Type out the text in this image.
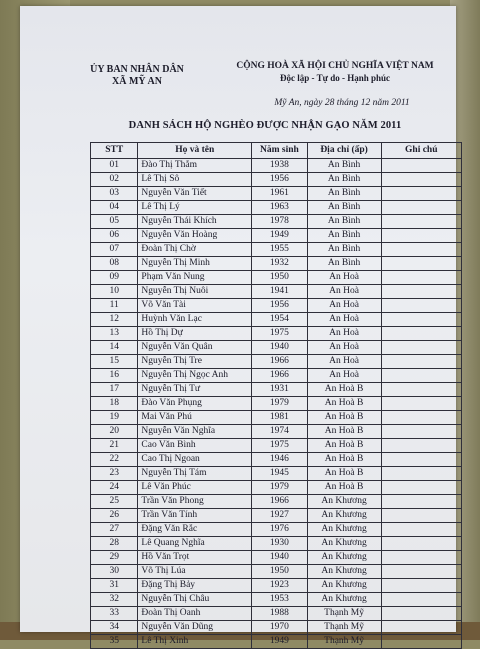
ỦY BAN NHÂN DÂN
XÃ MỸ AN
CỘNG HOÀ XÃ HỘI CHỦ NGHĨA VIỆT NAM
Độc lập - Tự do - Hạnh phúc
Mỹ An, ngày 28 tháng 12 năm 2011
DANH SÁCH HỘ NGHÈO ĐƯỢC NHẬN GẠO NĂM 2011
STT	Họ và tên	Năm sinh	Địa chỉ (ấp)	Ghi chú
01	Đào Thị Thắm	1938	An Bình	
02	Lê Thị Sô	1956	An Bình	
03	Nguyễn Văn Tiết	1961	An Bình	
04	Lê Thị Lý	1963	An Bình	
05	Nguyễn Thái Khích	1978	An Bình	
06	Nguyễn Văn Hoàng	1949	An Bình	
07	Đoàn Thị Chờ	1955	An Bình	
08	Nguyễn Thị Minh	1932	An Bình	
09	Phạm Văn Nung	1950	An Hoà	
10	Nguyễn Thị Nuôi	1941	An Hoà	
11	Võ Văn Tài	1956	An Hoà	
12	Huỳnh Văn Lạc	1954	An Hoà	
13	Hồ Thị Dự	1975	An Hoà	
14	Nguyễn Văn Quân	1940	An Hoà	
15	Nguyễn Thị Tre	1966	An Hoà	
16	Nguyễn Thị Ngọc Anh	1966	An Hoà	
17	Nguyễn Thị Tư	1931	An Hoà B	
18	Đào Văn Phụng	1979	An Hoà B	
19	Mai Văn Phú	1981	An Hoà B	
20	Nguyễn Văn Nghĩa	1974	An Hoà B	
21	Cao Văn Bình	1975	An Hoà B	
22	Cao Thị Ngoan	1946	An Hoà B	
23	Nguyễn Thị Tám	1945	An Hoà B	
24	Lê Văn Phúc	1979	An Hoà B	
25	Trần Văn Phong	1966	An Khương	
26	Trần Văn Tính	1927	An Khương	
27	Đặng Văn Rắc	1976	An Khương	
28	Lê Quang Nghĩa	1930	An Khương	
29	Hồ Văn Trọt	1940	An Khương	
30	Võ Thị Lúa	1950	An Khương	
31	Đặng Thị Bảy	1923	An Khương	
32	Nguyễn Thị Châu	1953	An Khương	
33	Đoàn Thị Oanh	1988	Thạnh Mỹ	
34	Nguyễn Văn Dũng	1970	Thạnh Mỹ	
35	Lê Thị Xinh	1949	Thạnh Mỹ	
